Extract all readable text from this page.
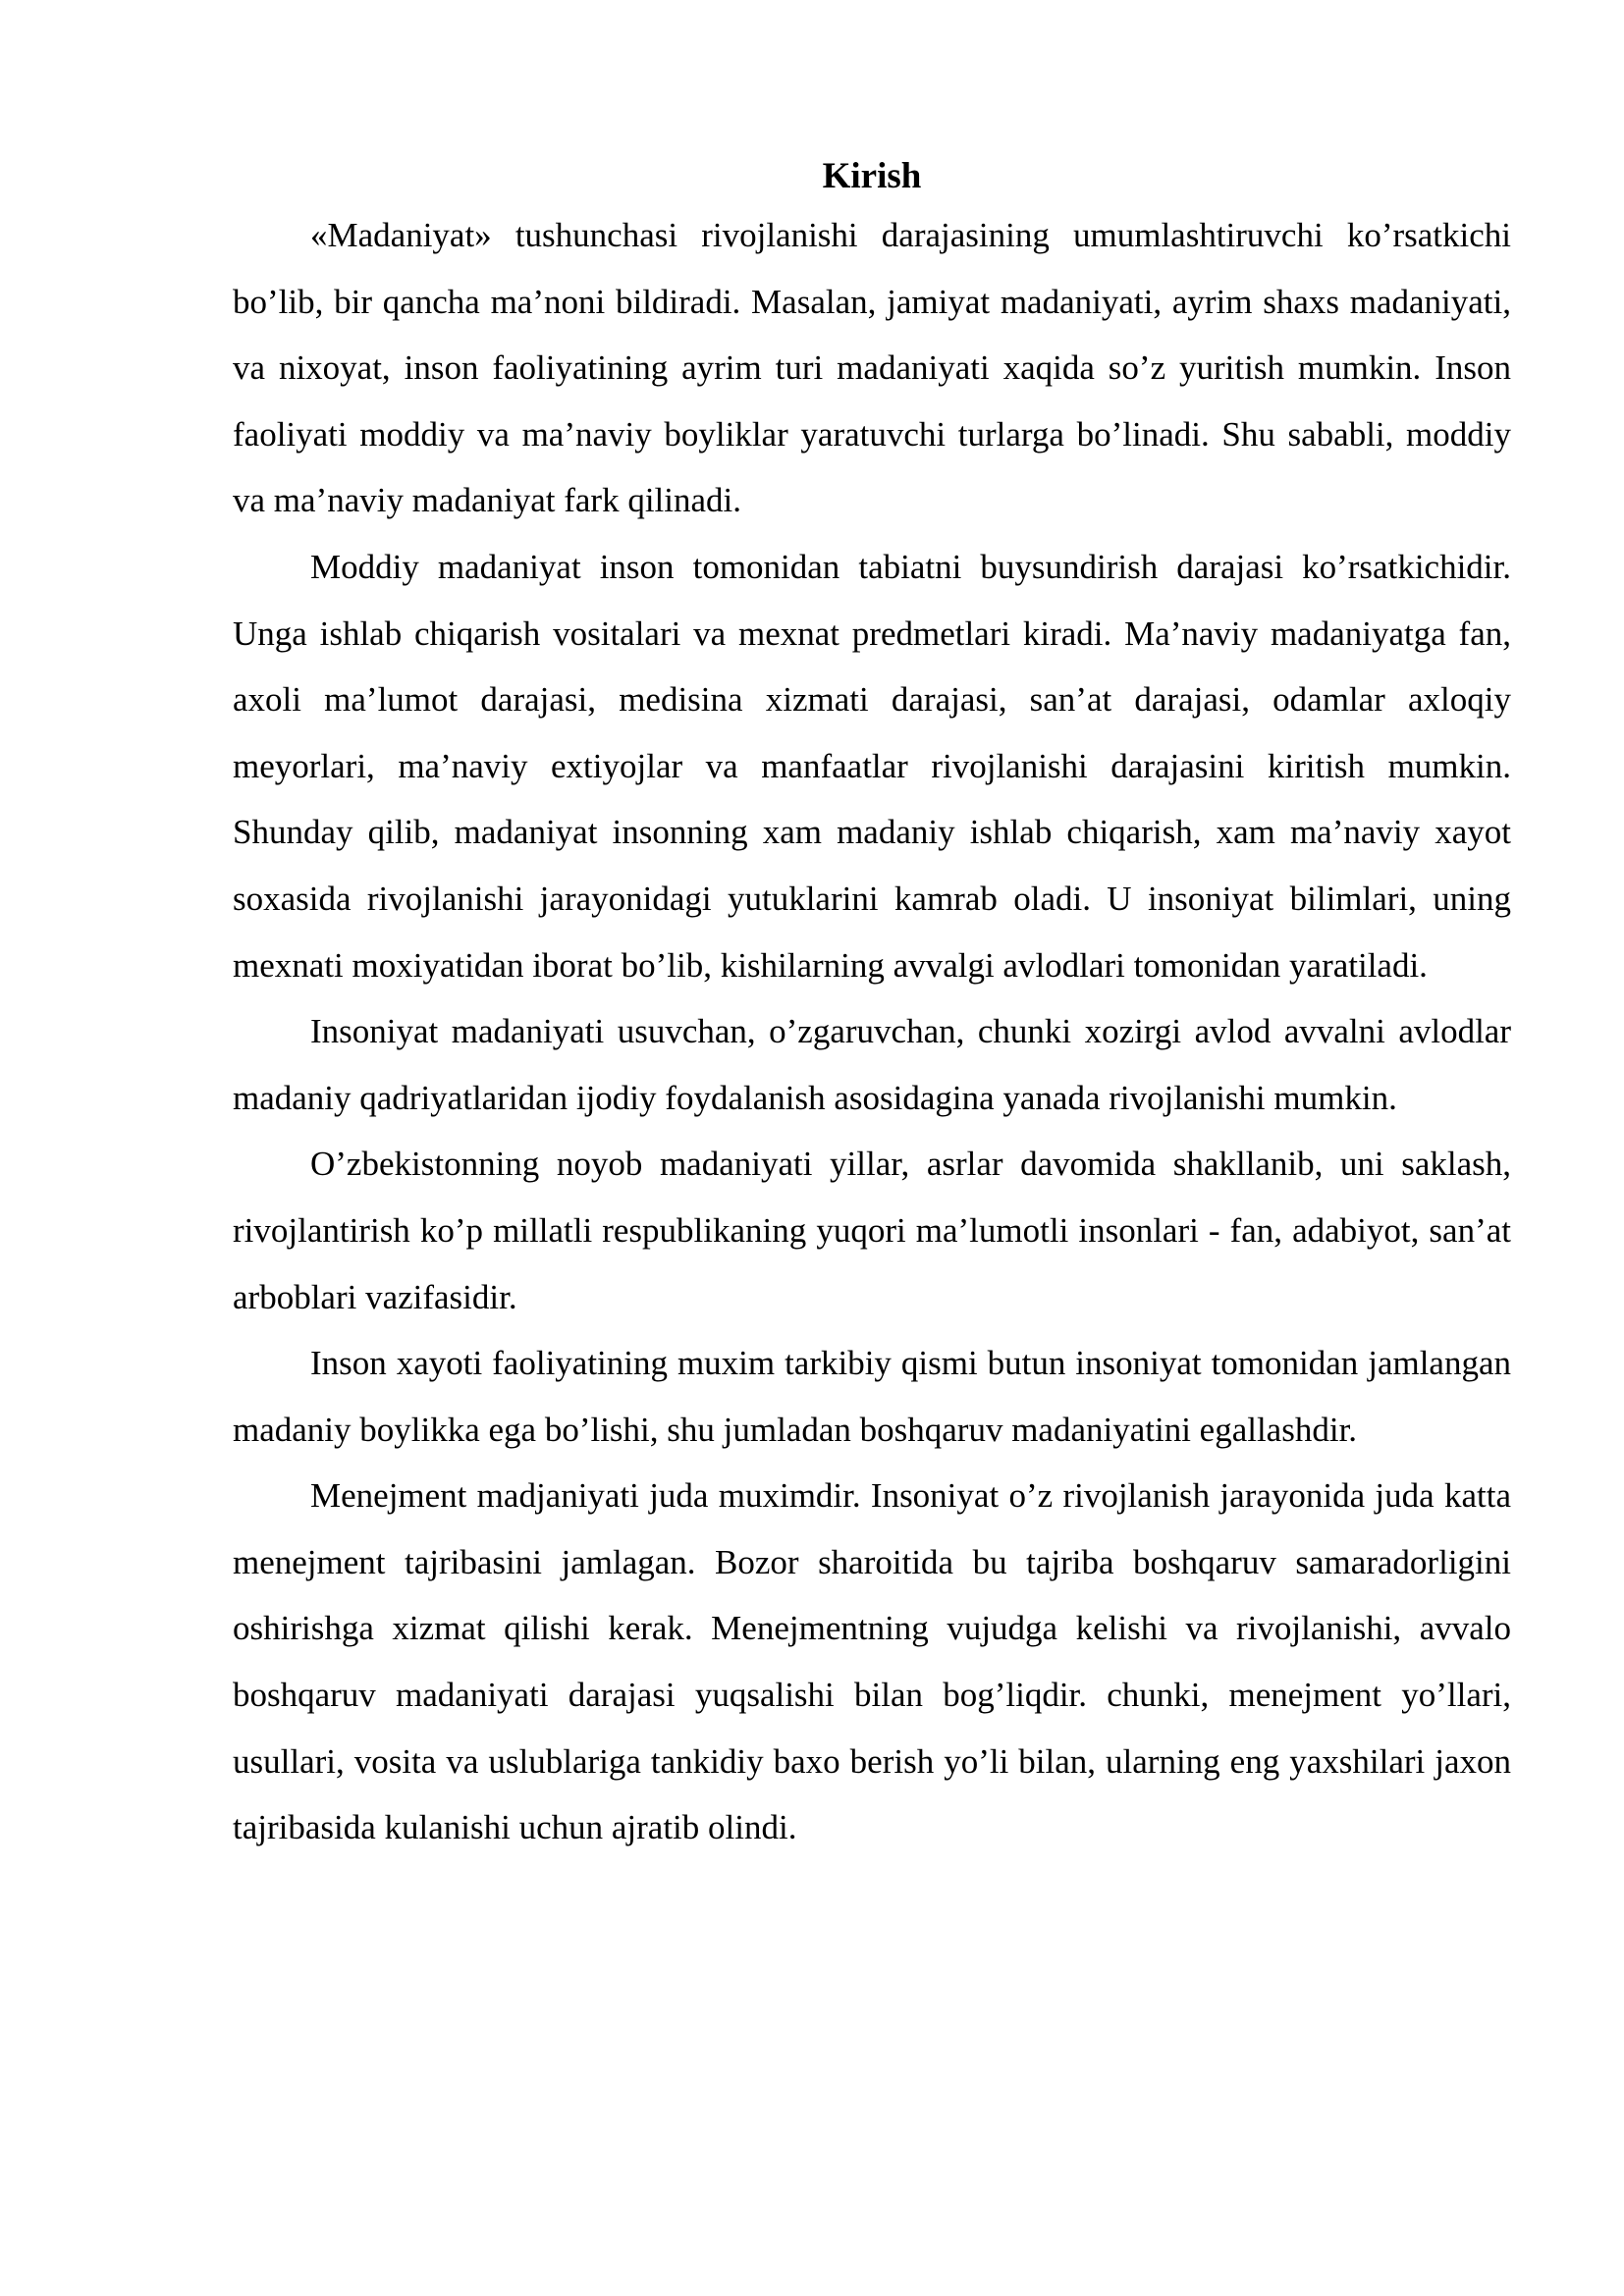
Kirish

«Madaniyat» tushunchasi rivojlanishi darajasining umumlashtiruvchi ko’rsatkichi bo’lib, bir qancha ma’noni bildiradi. Masalan, jamiyat madaniyati, ayrim shaxs madaniyati, va nixoyat, inson faoliyatining ayrim turi madaniyati xaqida so’z yuritish mumkin. Inson faoliyati moddiy va ma’naviy boyliklar yaratuvchi turlarga bo’linadi. Shu sababli, moddiy va ma’naviy madaniyat fark qilinadi.

Moddiy madaniyat inson tomonidan tabiatni buysundirish darajasi ko’rsatkichidir. Unga ishlab chiqarish vositalari va mexnat predmetlari kiradi. Ma’naviy madaniyatga fan, axoli ma’lumot darajasi, medisina xizmati darajasi, san’at darajasi, odamlar axloqiy meyorlari, ma’naviy extiyojlar va manfaatlar rivojlanishi darajasini kiritish mumkin. Shunday qilib, madaniyat insonning xam madaniy ishlab chiqarish, xam ma’naviy xayot soxasida rivojlanishi jarayonidagi yutuklarini kamrab oladi. U insoniyat bilimlari, uning mexnati moxiyatidan iborat bo’lib, kishilarning avvalgi avlodlari tomonidan yaratiladi.

Insoniyat madaniyati usuvchan, o’zgaruvchan, chunki xozirgi avlod avvalni avlodlar madaniy qadriyatlaridan ijodiy foydalanish asosidagina yanada rivojlanishi mumkin.

O’zbekistonning noyob madaniyati yillar, asrlar davomida shakllanib, uni saklash, rivojlantirish ko’p millatli respublikaning yuqori ma’lumotli insonlari - fan, adabiyot, san’at arboblari vazifasidir.

Inson xayoti faoliyatining muxim tarkibiy qismi butun insoniyat tomonidan jamlangan madaniy boylikka ega bo’lishi, shu jumladan boshqaruv madaniyatini egallashdir.

Menejment madjaniyati juda muximdir. Insoniyat o’z rivojlanish jarayonida juda katta menejment tajribasini jamlagan. Bozor sharoitida bu tajriba boshqaruv samaradorligini oshirishga xizmat qilishi kerak. Menejmentning vujudga kelishi va rivojlanishi, avvalo boshqaruv madaniyati darajasi yuqsalishi bilan bog’liqdir. chunki, menejment yo’llari, usullari, vosita va uslublariga tankidiy baxo berish yo’li bilan, ularning eng yaxshilari jaxon tajribasida kulanishi uchun ajratib olindi.
